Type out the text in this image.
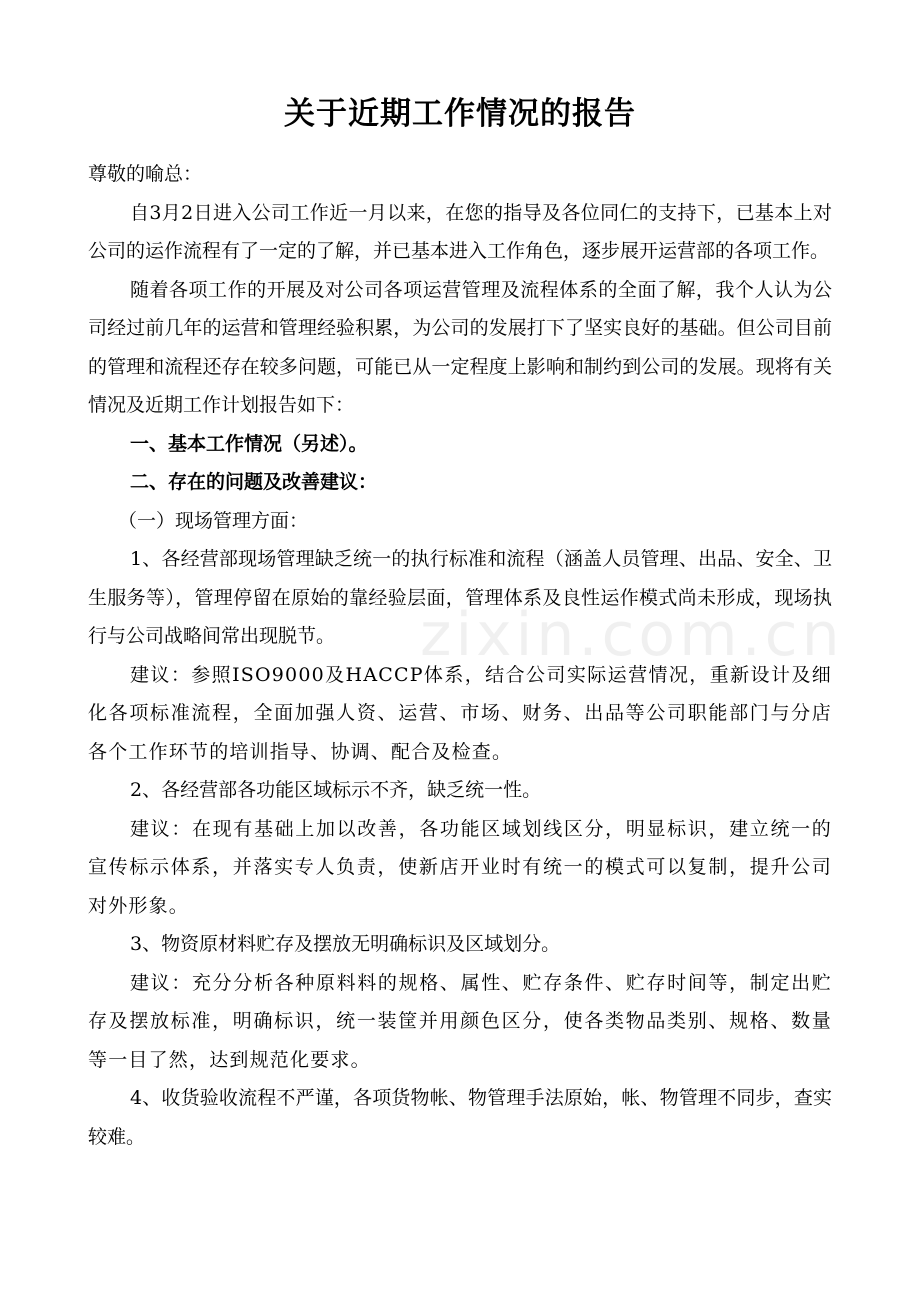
zixin.com.cn
关于近期工作情况的报告

尊敬的喻总：

自3月2日进入公司工作近一月以来，在您的指导及各位同仁的支持下，已基本上对公司的运作流程有了一定的了解，并已基本进入工作角色，逐步展开运营部的各项工作。

随着各项工作的开展及对公司各项运营管理及流程体系的全面了解，我个人认为公司经过前几年的运营和管理经验积累，为公司的发展打下了坚实良好的基础。但公司目前的管理和流程还存在较多问题，可能已从一定程度上影响和制约到公司的发展。现将有关情况及近期工作计划报告如下：

一、基本工作情况（另述）。

二、存在的问题及改善建议：

（一）现场管理方面：

1、各经营部现场管理缺乏统一的执行标准和流程（涵盖人员管理、出品、安全、卫生服务等），管理停留在原始的靠经验层面，管理体系及良性运作模式尚未形成，现场执行与公司战略间常出现脱节。

建议：参照ISO9000及HACCP体系，结合公司实际运营情况，重新设计及细化各项标准流程，全面加强人资、运营、市场、财务、出品等公司职能部门与分店各个工作环节的培训指导、协调、配合及检查。

2、各经营部各功能区域标示不齐，缺乏统一性。

建议：在现有基础上加以改善，各功能区域划线区分，明显标识，建立统一的宣传标示体系，并落实专人负责，使新店开业时有统一的模式可以复制，提升公司对外形象。

3、物资原材料贮存及摆放无明确标识及区域划分。

建议：充分分析各种原料料的规格、属性、贮存条件、贮存时间等，制定出贮存及摆放标准，明确标识，统一装筐并用颜色区分，使各类物品类别、规格、数量等一目了然，达到规范化要求。

4、收货验收流程不严谨，各项货物帐、物管理手法原始，帐、物管理不同步，查实较难。
